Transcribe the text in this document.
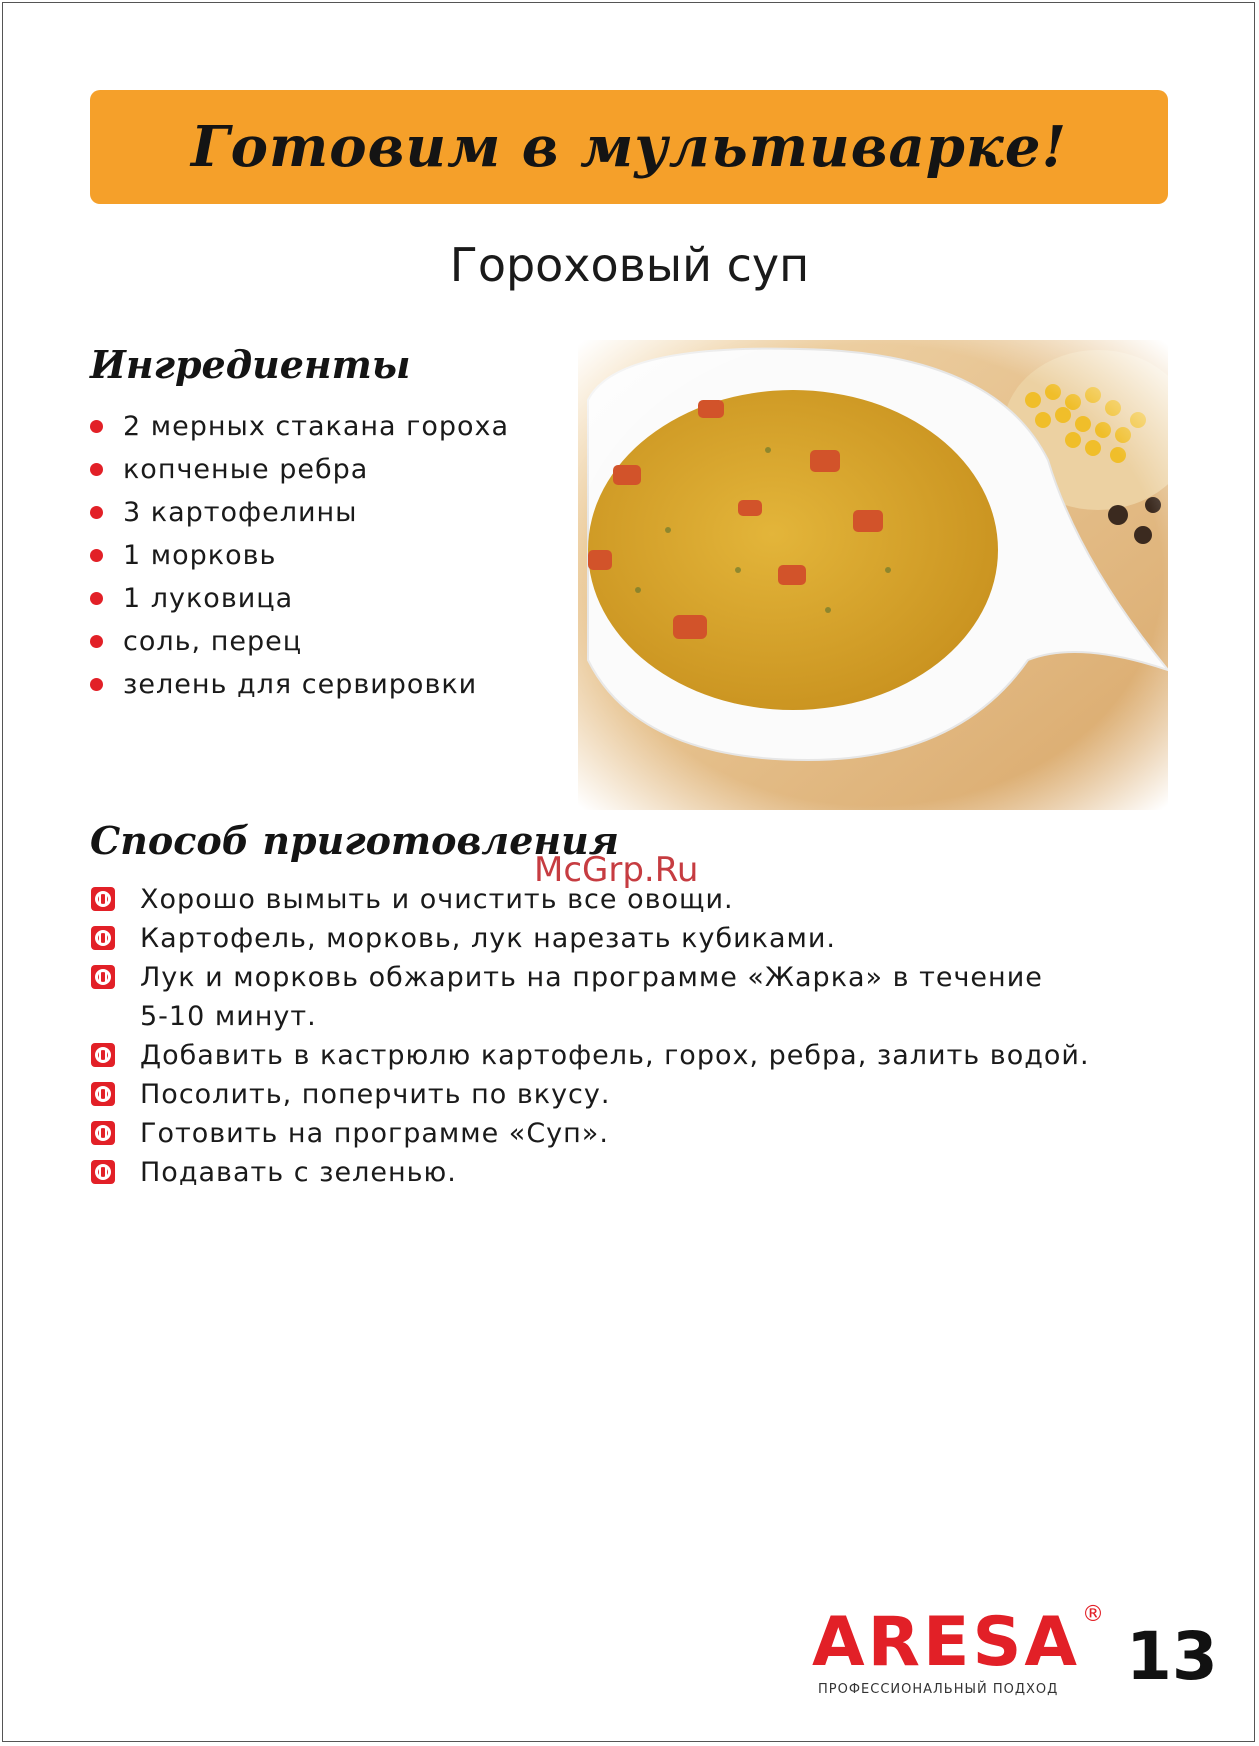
Готовим в мультиварке!
Гороховый суп
Ингредиенты
2 мерных стакана гороха
копченые ребра
3 картофелины
1 морковь
1 луковица
соль, перец
зелень для сервировки
Способ приготовления
McGrp.Ru
Хорошо вымыть и очистить все овощи.
Картофель, морковь, лук нарезать кубиками.
Лук и морковь обжарить на программе «Жарка» в течение 5-10 минут.
Добавить в кастрюлю картофель, горох, ребра, залить водой.
Посолить, поперчить по вкусу.
Готовить на программе «Суп».
Подавать с зеленью.
ARESA ®
ПРОФЕССИОНАЛЬНЫЙ ПОДХОД	13
